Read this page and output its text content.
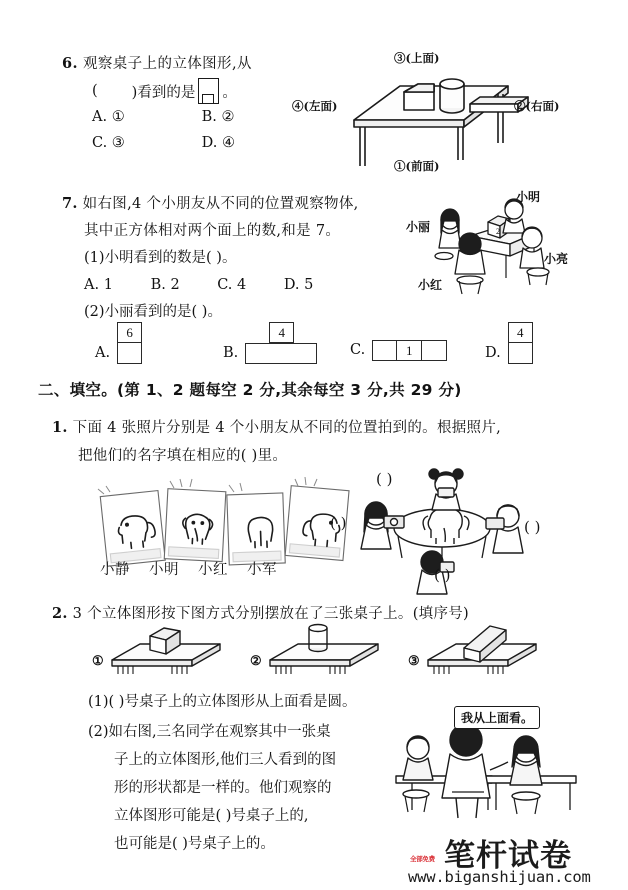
6. 观察桌子上的立体图形,从
( )看到的是 。
A. ①	B. ②
C. ③	D. ④
③(上面)
④(左面)	②(右面)
①(前面)
7. 如右图,4 个小朋友从不同的位置观察物体,
其中正方体相对两个面上的数,和是 7。
(1)小明看到的数是( )。
A. 1	B. 2	C. 4	D. 5
(2)小丽看到的是( )。
小明
小丽
小亮
小红
2
A.
6
B.
4
C.	1	D.
4
二、填空。(第 1、2 题每空 2 分,其余每空 3 分,共 29 分)
1. 下面 4 张照片分别是 4 个小朋友从不同的位置拍到的。根据照片,
把他们的名字填在相应的( )里。
小静 小明 小红 小军
( )
( )	( )
( )
2. 3 个立体图形按下图方式分别摆放在了三张桌子上。(填序号)
①	②	③
(1)( )号桌子上的立体图形从上面看是圆。
(2)如右图,三名同学在观察其中一张桌
子上的立体图形,他们三人看到的图
形的形状都是一样的。他们观察的
立体图形可能是( )号桌子上的,
也可能是( )号桌子上的。
我从上面看。
全部免费 笔杆试卷
www.biganshijuan.com
